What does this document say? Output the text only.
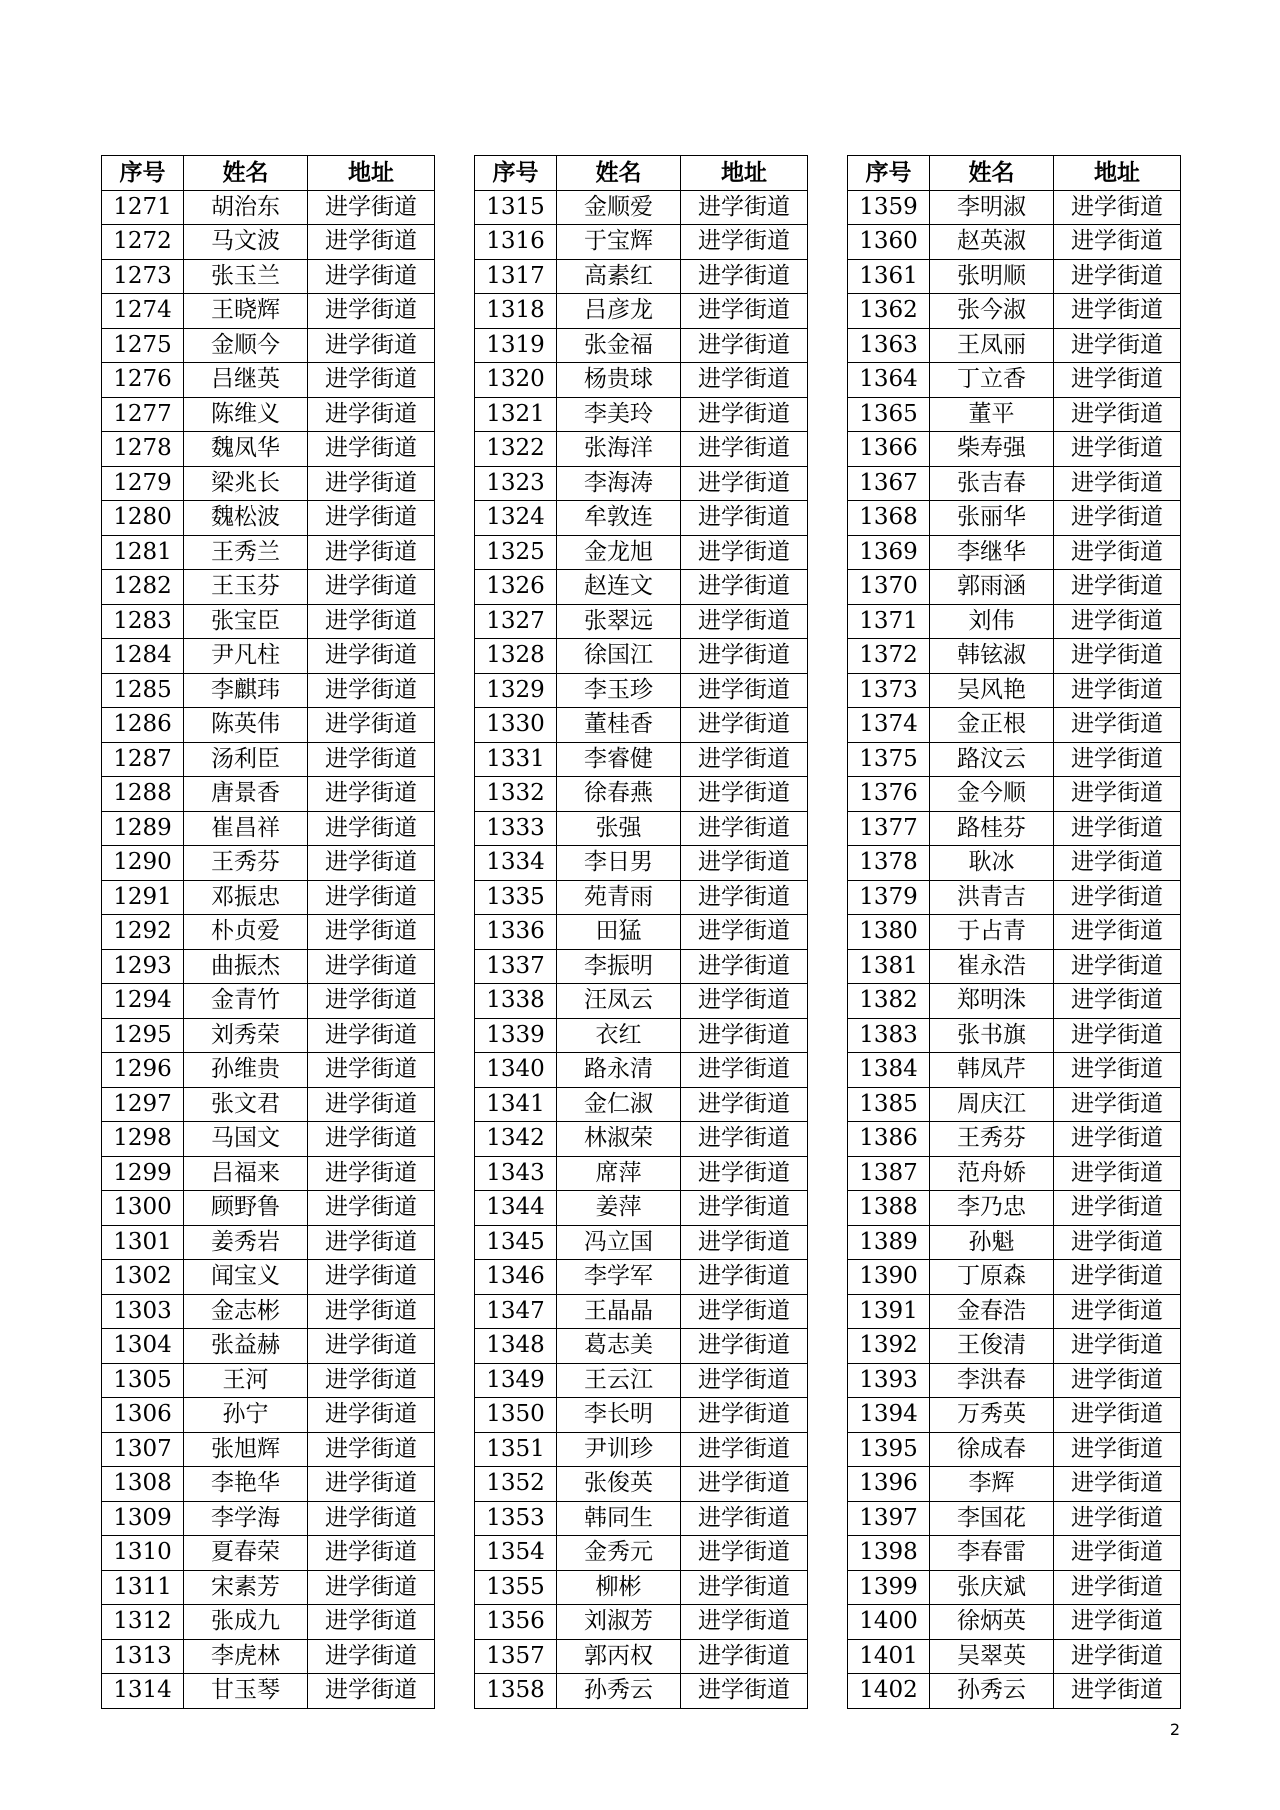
序号	姓名	地址
1271	胡治东	进学街道
1272	马文波	进学街道
1273	张玉兰	进学街道
1274	王晓辉	进学街道
1275	金顺今	进学街道
1276	吕继英	进学街道
1277	陈维义	进学街道
1278	魏凤华	进学街道
1279	梁兆长	进学街道
1280	魏松波	进学街道
1281	王秀兰	进学街道
1282	王玉芬	进学街道
1283	张宝臣	进学街道
1284	尹凡柱	进学街道
1285	李麒玮	进学街道
1286	陈英伟	进学街道
1287	汤利臣	进学街道
1288	唐景香	进学街道
1289	崔昌祥	进学街道
1290	王秀芬	进学街道
1291	邓振忠	进学街道
1292	朴贞爱	进学街道
1293	曲振杰	进学街道
1294	金青竹	进学街道
1295	刘秀荣	进学街道
1296	孙维贵	进学街道
1297	张文君	进学街道
1298	马国文	进学街道
1299	吕福来	进学街道
1300	顾野鲁	进学街道
1301	姜秀岩	进学街道
1302	闻宝义	进学街道
1303	金志彬	进学街道
1304	张益赫	进学街道
1305	王河	进学街道
1306	孙宁	进学街道
1307	张旭辉	进学街道
1308	李艳华	进学街道
1309	李学海	进学街道
1310	夏春荣	进学街道
1311	宋素芳	进学街道
1312	张成九	进学街道
1313	李虎林	进学街道
1314	甘玉琴	进学街道
序号	姓名	地址
1315	金顺爱	进学街道
1316	于宝辉	进学街道
1317	高素红	进学街道
1318	吕彦龙	进学街道
1319	张金福	进学街道
1320	杨贵球	进学街道
1321	李美玲	进学街道
1322	张海洋	进学街道
1323	李海涛	进学街道
1324	牟敦连	进学街道
1325	金龙旭	进学街道
1326	赵连文	进学街道
1327	张翠远	进学街道
1328	徐国江	进学街道
1329	李玉珍	进学街道
1330	董桂香	进学街道
1331	李睿健	进学街道
1332	徐春燕	进学街道
1333	张强	进学街道
1334	李日男	进学街道
1335	苑青雨	进学街道
1336	田猛	进学街道
1337	李振明	进学街道
1338	汪凤云	进学街道
1339	衣红	进学街道
1340	路永清	进学街道
1341	金仁淑	进学街道
1342	林淑荣	进学街道
1343	席萍	进学街道
1344	姜萍	进学街道
1345	冯立国	进学街道
1346	李学军	进学街道
1347	王晶晶	进学街道
1348	葛志美	进学街道
1349	王云江	进学街道
1350	李长明	进学街道
1351	尹训珍	进学街道
1352	张俊英	进学街道
1353	韩同生	进学街道
1354	金秀元	进学街道
1355	柳彬	进学街道
1356	刘淑芳	进学街道
1357	郭丙权	进学街道
1358	孙秀云	进学街道
序号	姓名	地址
1359	李明淑	进学街道
1360	赵英淑	进学街道
1361	张明顺	进学街道
1362	张今淑	进学街道
1363	王凤丽	进学街道
1364	丁立香	进学街道
1365	董平	进学街道
1366	柴寿强	进学街道
1367	张吉春	进学街道
1368	张丽华	进学街道
1369	李继华	进学街道
1370	郭雨涵	进学街道
1371	刘伟	进学街道
1372	韩铉淑	进学街道
1373	吴风艳	进学街道
1374	金正根	进学街道
1375	路汶云	进学街道
1376	金今顺	进学街道
1377	路桂芬	进学街道
1378	耿冰	进学街道
1379	洪青吉	进学街道
1380	于占青	进学街道
1381	崔永浩	进学街道
1382	郑明洙	进学街道
1383	张书旗	进学街道
1384	韩凤芹	进学街道
1385	周庆江	进学街道
1386	王秀芬	进学街道
1387	范舟娇	进学街道
1388	李乃忠	进学街道
1389	孙魁	进学街道
1390	丁原森	进学街道
1391	金春浩	进学街道
1392	王俊清	进学街道
1393	李洪春	进学街道
1394	万秀英	进学街道
1395	徐成春	进学街道
1396	李辉	进学街道
1397	李国花	进学街道
1398	李春雷	进学街道
1399	张庆斌	进学街道
1400	徐炳英	进学街道
1401	吴翠英	进学街道
1402	孙秀云	进学街道
2
